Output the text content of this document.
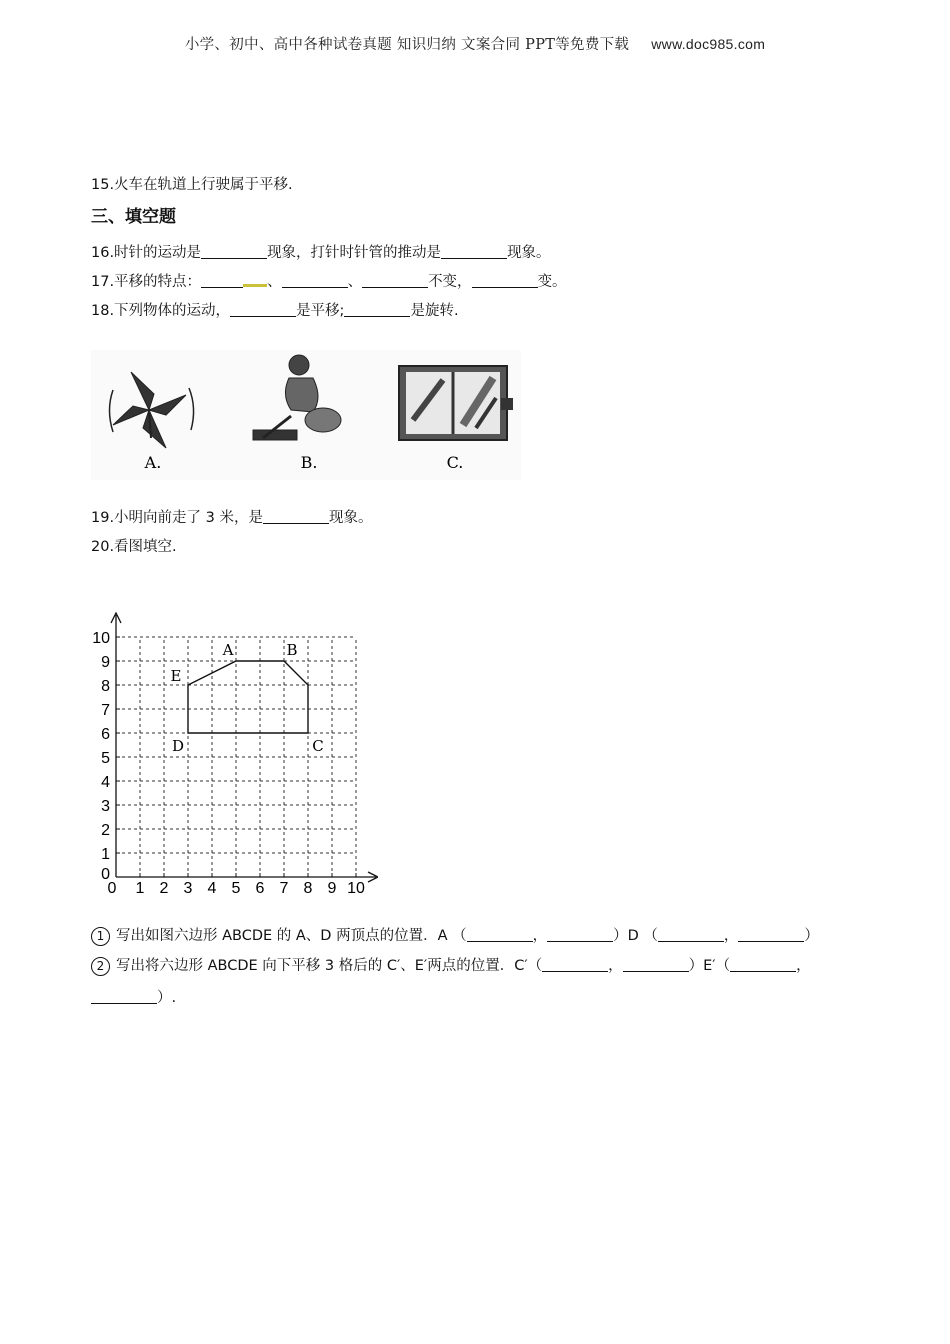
小学、初中、高中各种试卷真题 知识归纳 文案合同 PPT等免费下载 www.doc985.com
15.火车在轨道上行驶属于平移.
三、填空题
16.时针的运动是	现象，打针时针管的推动是	现象。
17.平移的特点：	、	、	不变，	变。
18.下列物体的运动，	是平移;	是旋转.
A.	B.	C.
19.小明向前走了 3 米，是	现象。
20.看图填空.
0 1 2 3 4 5 6 7 8 9 10
0
1
2
3
4
5
6
7
8
9
10
A	B
C
D
E
1 写出如图六边形 ABCDE 的 A、D 两顶点的位置．A （	，	）D （	，	）
2 写出将六边形 ABCDE 向下平移 3 格后的 C′、E′两点的位置．C′（	，	）E′（	，
）.
